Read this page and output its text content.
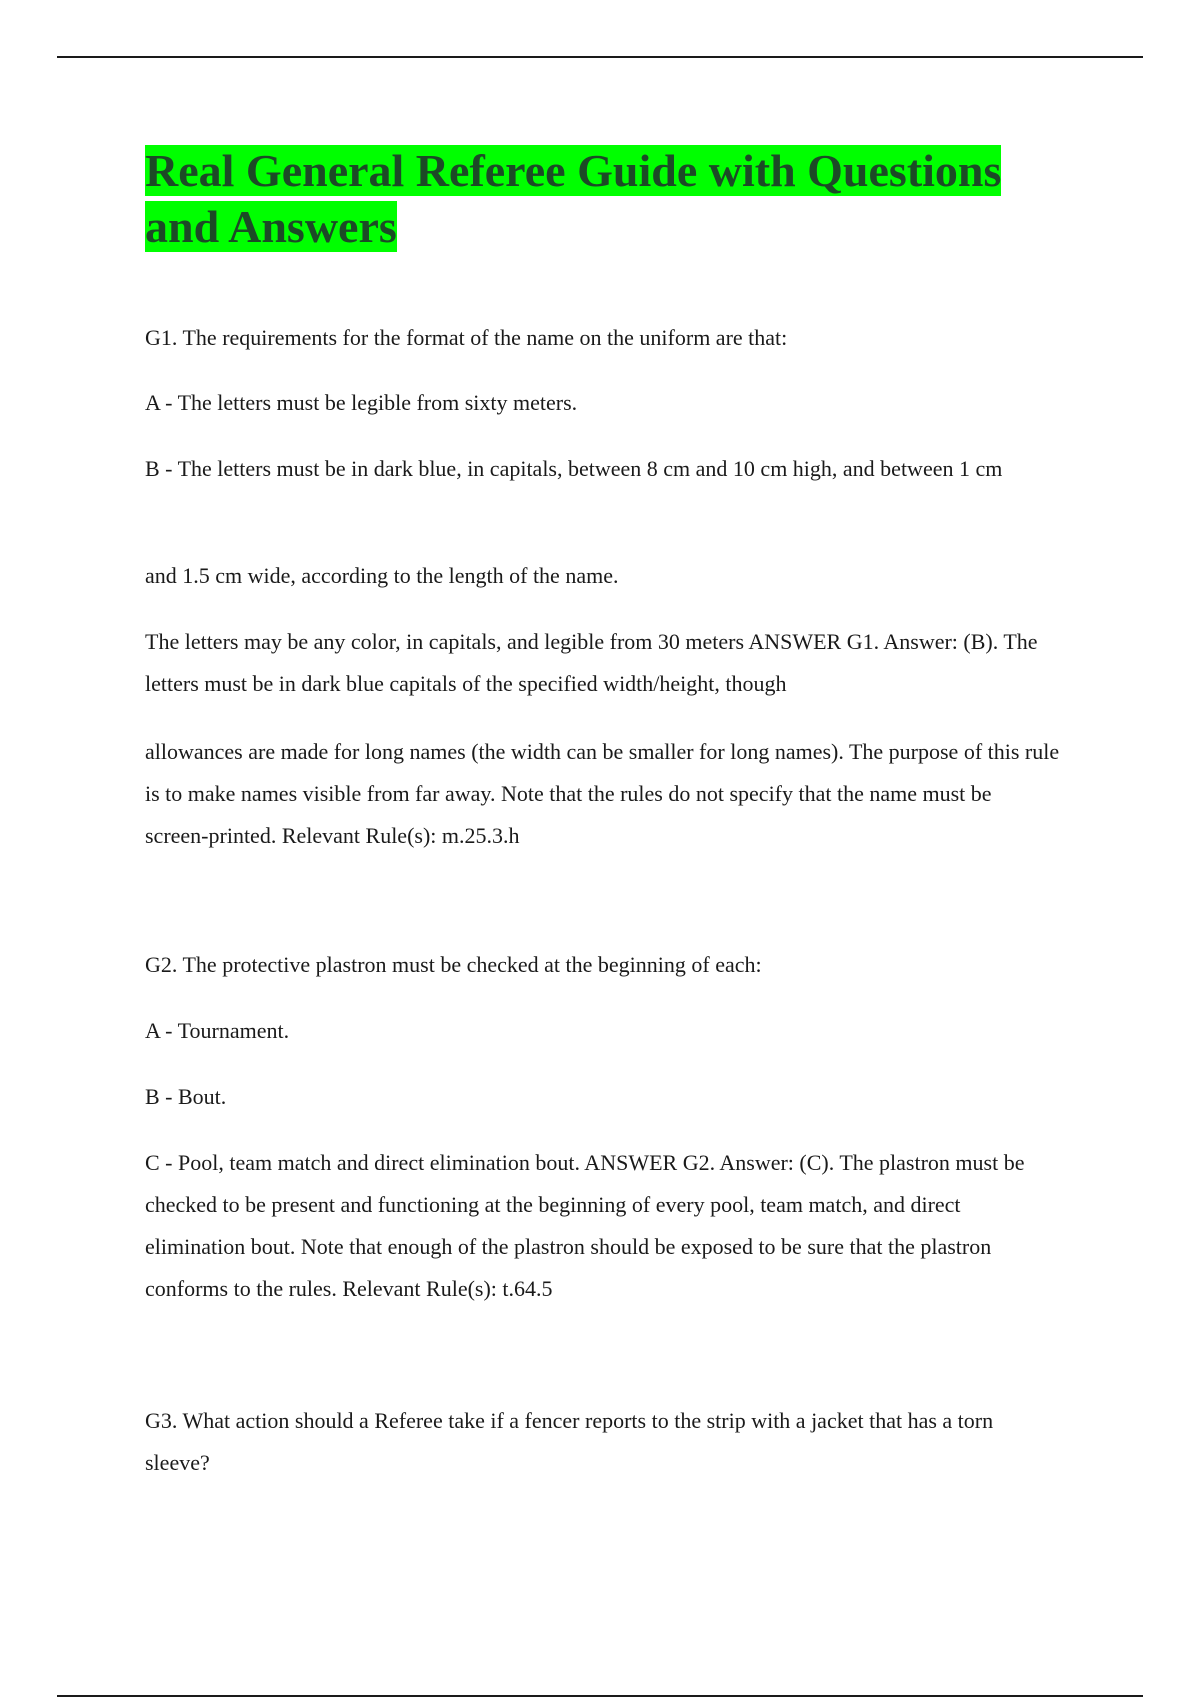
Real General Referee Guide with Questions and Answers

G1. The requirements for the format of the name on the uniform are that:

A - The letters must be legible from sixty meters.

B - The letters must be in dark blue, in capitals, between 8 cm and 10 cm high, and between 1 cm

and 1.5 cm wide, according to the length of the name.

The letters may be any color, in capitals, and legible from 30 meters ANSWER G1. Answer: (B). The letters must be in dark blue capitals of the specified width/height, though

allowances are made for long names (the width can be smaller for long names). The purpose of this rule is to make names visible from far away. Note that the rules do not specify that the name must be screen-printed. Relevant Rule(s): m.25.3.h

G2. The protective plastron must be checked at the beginning of each:

A - Tournament.

B - Bout.

C - Pool, team match and direct elimination bout. ANSWER G2. Answer: (C). The plastron must be checked to be present and functioning at the beginning of every pool, team match, and direct elimination bout. Note that enough of the plastron should be exposed to be sure that the plastron conforms to the rules. Relevant Rule(s): t.64.5

G3. What action should a Referee take if a fencer reports to the strip with a jacket that has a torn sleeve?
